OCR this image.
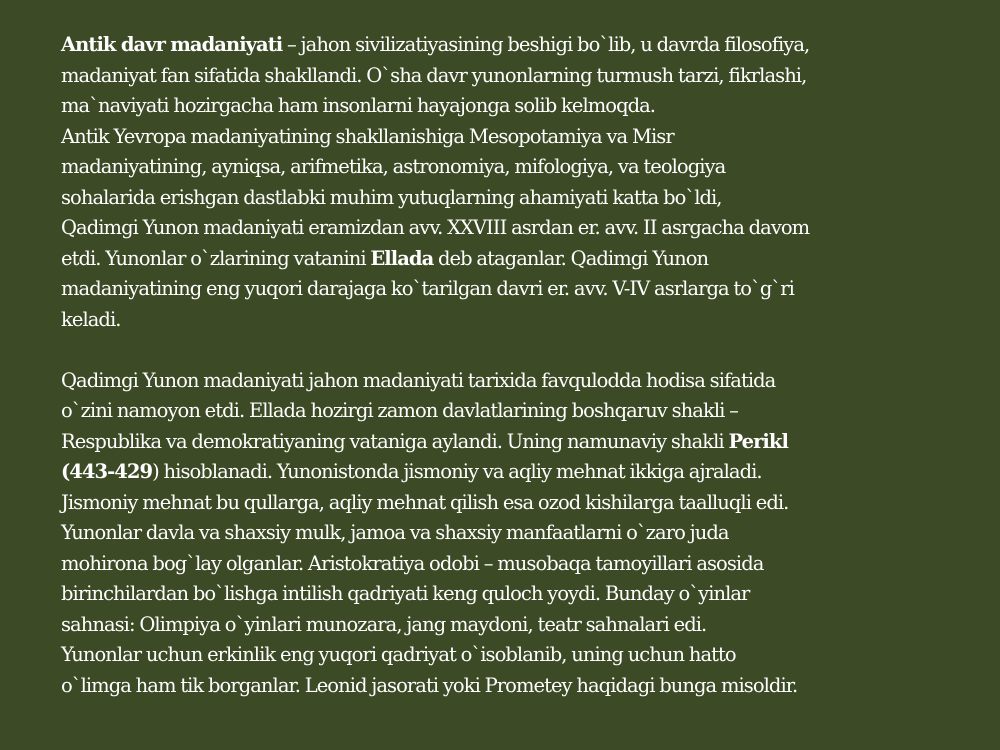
Antik davr madaniyati – jahon sivilizatiyasining beshigi bo`lib, u davrda filosofiya,
madaniyat fan sifatida shakllandi. O`sha davr yunonlarning turmush tarzi, fikrlashi,
ma`naviyati hozirgacha ham insonlarni hayajonga solib kelmoqda.
Antik Yevropa madaniyatining shakllanishiga Mesopotamiya va Misr
madaniyatining, ayniqsa, arifmetika, astronomiya, mifologiya, va teologiya
sohalarida erishgan dastlabki muhim yutuqlarning ahamiyati katta bo`ldi,
Qadimgi Yunon madaniyati eramizdan avv. XXVIII asrdan er. avv. II asrgacha davom
etdi. Yunonlar o`zlarining vatanini Ellada deb ataganlar. Qadimgi Yunon
madaniyatining eng yuqori darajaga ko`tarilgan davri er. avv. V-IV asrlarga to`g`ri
keladi.
Qadimgi Yunon madaniyati jahon madaniyati tarixida favqulodda hodisa sifatida
o`zini namoyon etdi. Ellada hozirgi zamon davlatlarining boshqaruv shakli –
Respublika va demokratiyaning vataniga aylandi. Uning namunaviy shakli Perikl
(443-429) hisoblanadi. Yunonistonda jismoniy va aqliy mehnat ikkiga ajraladi.
Jismoniy mehnat bu qullarga, aqliy mehnat qilish esa ozod kishilarga taalluqli edi.
Yunonlar davla va shaxsiy mulk, jamoa va shaxsiy manfaatlarni o`zaro juda
mohirona bog`lay olganlar. Aristokratiya odobi – musobaqa tamoyillari asosida
birinchilardan bo`lishga intilish qadriyati keng quloch yoydi. Bunday o`yinlar
sahnasi: Olimpiya o`yinlari munozara, jang maydoni, teatr sahnalari edi.
Yunonlar uchun erkinlik eng yuqori qadriyat o`isoblanib, uning uchun hatto
o`limga ham tik borganlar. Leonid jasorati yoki Prometey haqidagi bunga misoldir.
